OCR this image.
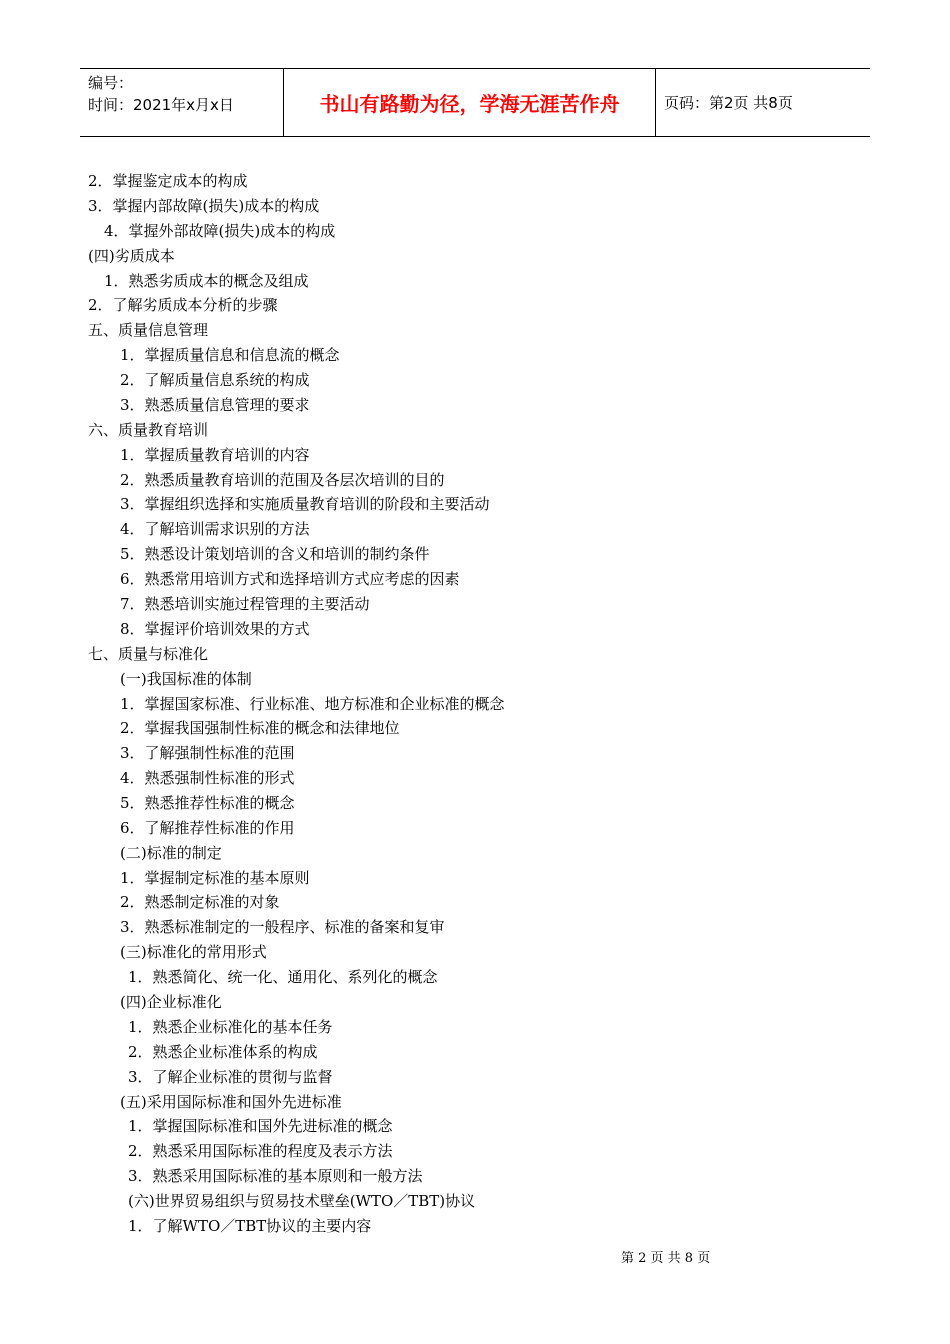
编号：
时间：2021年x月x日	书山有路勤为径，学海无涯苦作舟	页码：第2页 共8页
2．掌握鉴定成本的构成
3．掌握内部故障(损失)成本的构成
4．掌握外部故障(损失)成本的构成
(四)劣质成本
1．熟悉劣质成本的概念及组成
2．了解劣质成本分析的步骤
五、质量信息管理
1．掌握质量信息和信息流的概念
2．了解质量信息系统的构成
3．熟悉质量信息管理的要求
六、质量教育培训
1．掌握质量教育培训的内容
2．熟悉质量教育培训的范围及各层次培训的目的
3．掌握组织选择和实施质量教育培训的阶段和主要活动
4．了解培训需求识别的方法
5．熟悉设计策划培训的含义和培训的制约条件
6．熟悉常用培训方式和选择培训方式应考虑的因素
7．熟悉培训实施过程管理的主要活动
8．掌握评价培训效果的方式
七、质量与标准化
(一)我国标准的体制
1．掌握国家标准、行业标准、地方标准和企业标准的概念
2．掌握我国强制性标准的概念和法律地位
3．了解强制性标准的范围
4．熟悉强制性标准的形式
5．熟悉推荐性标准的概念
6．了解推荐性标准的作用
(二)标准的制定
1．掌握制定标准的基本原则
2．熟悉制定标准的对象
3．熟悉标准制定的一般程序、标准的备案和复审
(三)标准化的常用形式
1．熟悉简化、统一化、通用化、系列化的概念
(四)企业标准化
1．熟悉企业标准化的基本任务
2．熟悉企业标准体系的构成
3．了解企业标准的贯彻与监督
(五)采用国际标准和国外先进标准
1．掌握国际标准和国外先进标准的概念
2．熟悉采用国际标准的程度及表示方法
3．熟悉采用国际标准的基本原则和一般方法
(六)世界贸易组织与贸易技术壁垒(WTO／TBT)协议
1．了解WTO／TBT协议的主要内容
第 2 页 共 8 页
